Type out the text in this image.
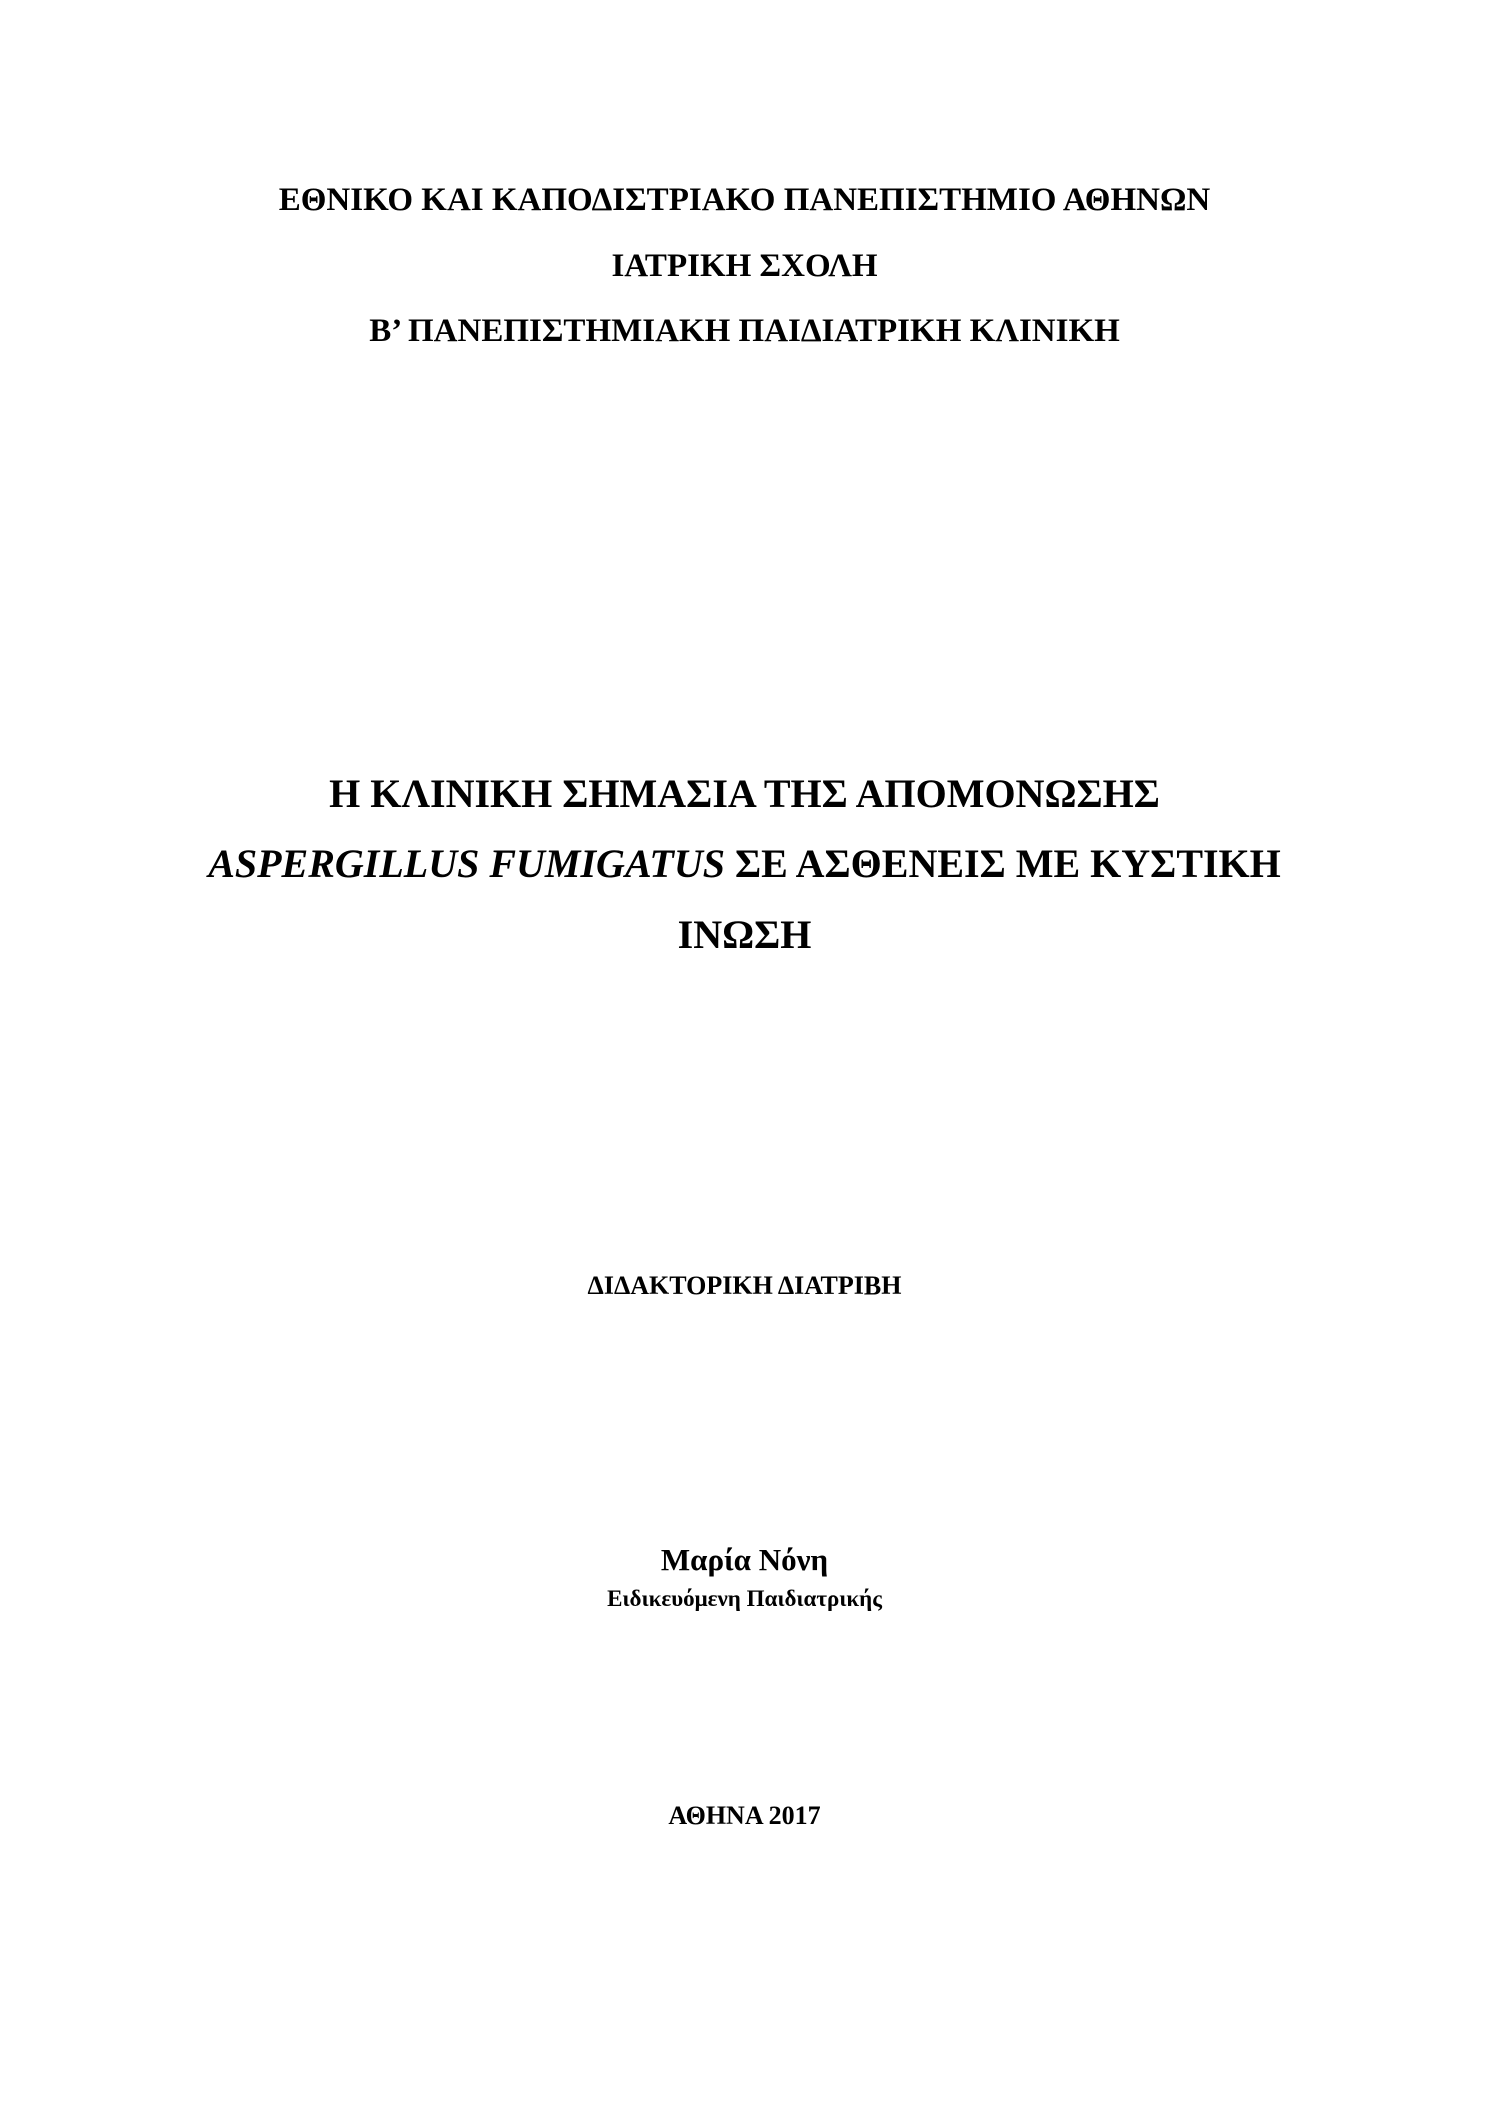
ΕΘΝΙΚΟ ΚΑΙ ΚΑΠΟΔΙΣΤΡΙΑΚΟ ΠΑΝΕΠΙΣΤΗΜΙΟ ΑΘΗΝΩΝ
ΙΑΤΡΙΚΗ ΣΧΟΛΗ
Β’ ΠΑΝΕΠΙΣΤΗΜΙΑΚΗ ΠΑΙΔΙΑΤΡΙΚΗ ΚΛΙΝΙΚΗ
Η ΚΛΙΝΙΚΗ ΣΗΜΑΣΙΑ ΤΗΣ ΑΠΟΜΟΝΩΣΗΣ
ASPERGILLUS FUMIGATUS ΣΕ ΑΣΘΕΝΕΙΣ ΜΕ ΚΥΣΤΙΚΗ
ΙΝΩΣΗ
ΔΙΔΑΚΤΟΡΙΚΗ ΔΙΑΤΡΙΒΗ
Μαρία Νόνη
Ειδικευόμενη Παιδιατρικής
ΑΘΗΝΑ 2017
